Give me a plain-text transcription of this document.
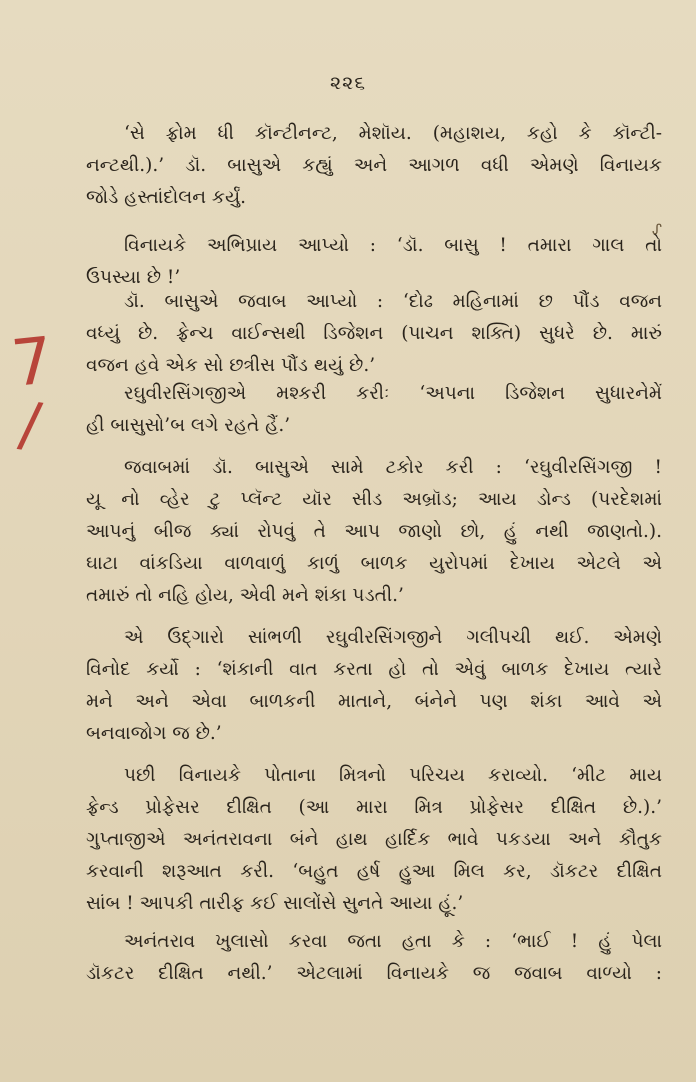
૨૨૬
ᔑ
‘સે ફ્રોમ ધી કૉન્ટીનન્ટ, મેશૉય. (મહાશય, કહો કે કૉન્ટી-
નન્ટથી.).’ ડૉ. બાસુએ કહ્યું અને આગળ વધી એમણે વિનાયક
જોડે હસ્તાંદોલન કર્યું.
વિનાયકે અભિપ્રાય આપ્યો : ‘ડૉ. બાસુ ! તમારા ગાલ તો
ઉપસ્યા છે !’
ડૉ. બાસુએ જવાબ આપ્યો : ‘દોઢ મહિનામાં છ પૌંડ વજન
વધ્યું છે. ફ્રેન્ચ વાઈન્સથી ડિજેશન (પાચન શક્તિ) સુધરે છે. મારું
વજન હવે એક સો છત્રીસ પૌંડ થયું છે.’
રઘુવીરસિંગજીએ મશ્કરી કરીઃ ‘અપના ડિજેશન સુધારનેમેં
હી બાસુસો’બ લગે રહતે હૈં.’
જવાબમાં ડૉ. બાસુએ સામે ટકોર કરી : ‘રઘુવીરસિંગજી !
યૂ નો વ્હેર ટુ પ્લૅન્ટ યૉર સીડ અબ્રૉડ; આય ડોન્ડ (પરદેશમાં
આપનું બીજ ક્યાં રોપવું તે આપ જાણો છો, હું નથી જાણતો.).
ઘાટા વાંકડિયા વાળવાળું કાળું બાળક યુરોપમાં દેખાય એટલે એ
તમારું તો નહિ હોય, એવી મને શંકા પડતી.’
એ ઉદ્ગારો સાંભળી રઘુવીરસિંગજીને ગલીપચી થઈ. એમણે
વિનોદ કર્યો : ‘શંકાની વાત કરતા હો તો એવું બાળક દેખાય ત્યારે
મને અને એવા બાળકની માતાને, બંનેને પણ શંકા આવે એ
બનવાજોગ જ છે.’
પછી વિનાયકે પોતાના મિત્રનો પરિચય કરાવ્યો. ‘મીટ માય
ફ્રેન્ડ પ્રોફેસર દીક્ષિત (આ મારા મિત્ર પ્રોફેસર દીક્ષિત છે.).’
ગુપ્તાજીએ અનંતરાવના બંને હાથ હાર્દિક ભાવે પકડયા અને કૌતુક
કરવાની શરૂઆત કરી. ‘બહુત હર્ષ હુઆ મિલ કર, ડૉકટર દીક્ષિત
સાંબ ! આપકી તારીફ કઈ સાલોંસે સુનતે આયા હૂં.’
અનંતરાવ ખુલાસો કરવા જતા હતા કે : ‘ભાઈ ! હું પેલા
ડૉકટર દીક્ષિત નથી.’ એટલામાં વિનાયકે જ જવાબ વાળ્યો :
7
/
